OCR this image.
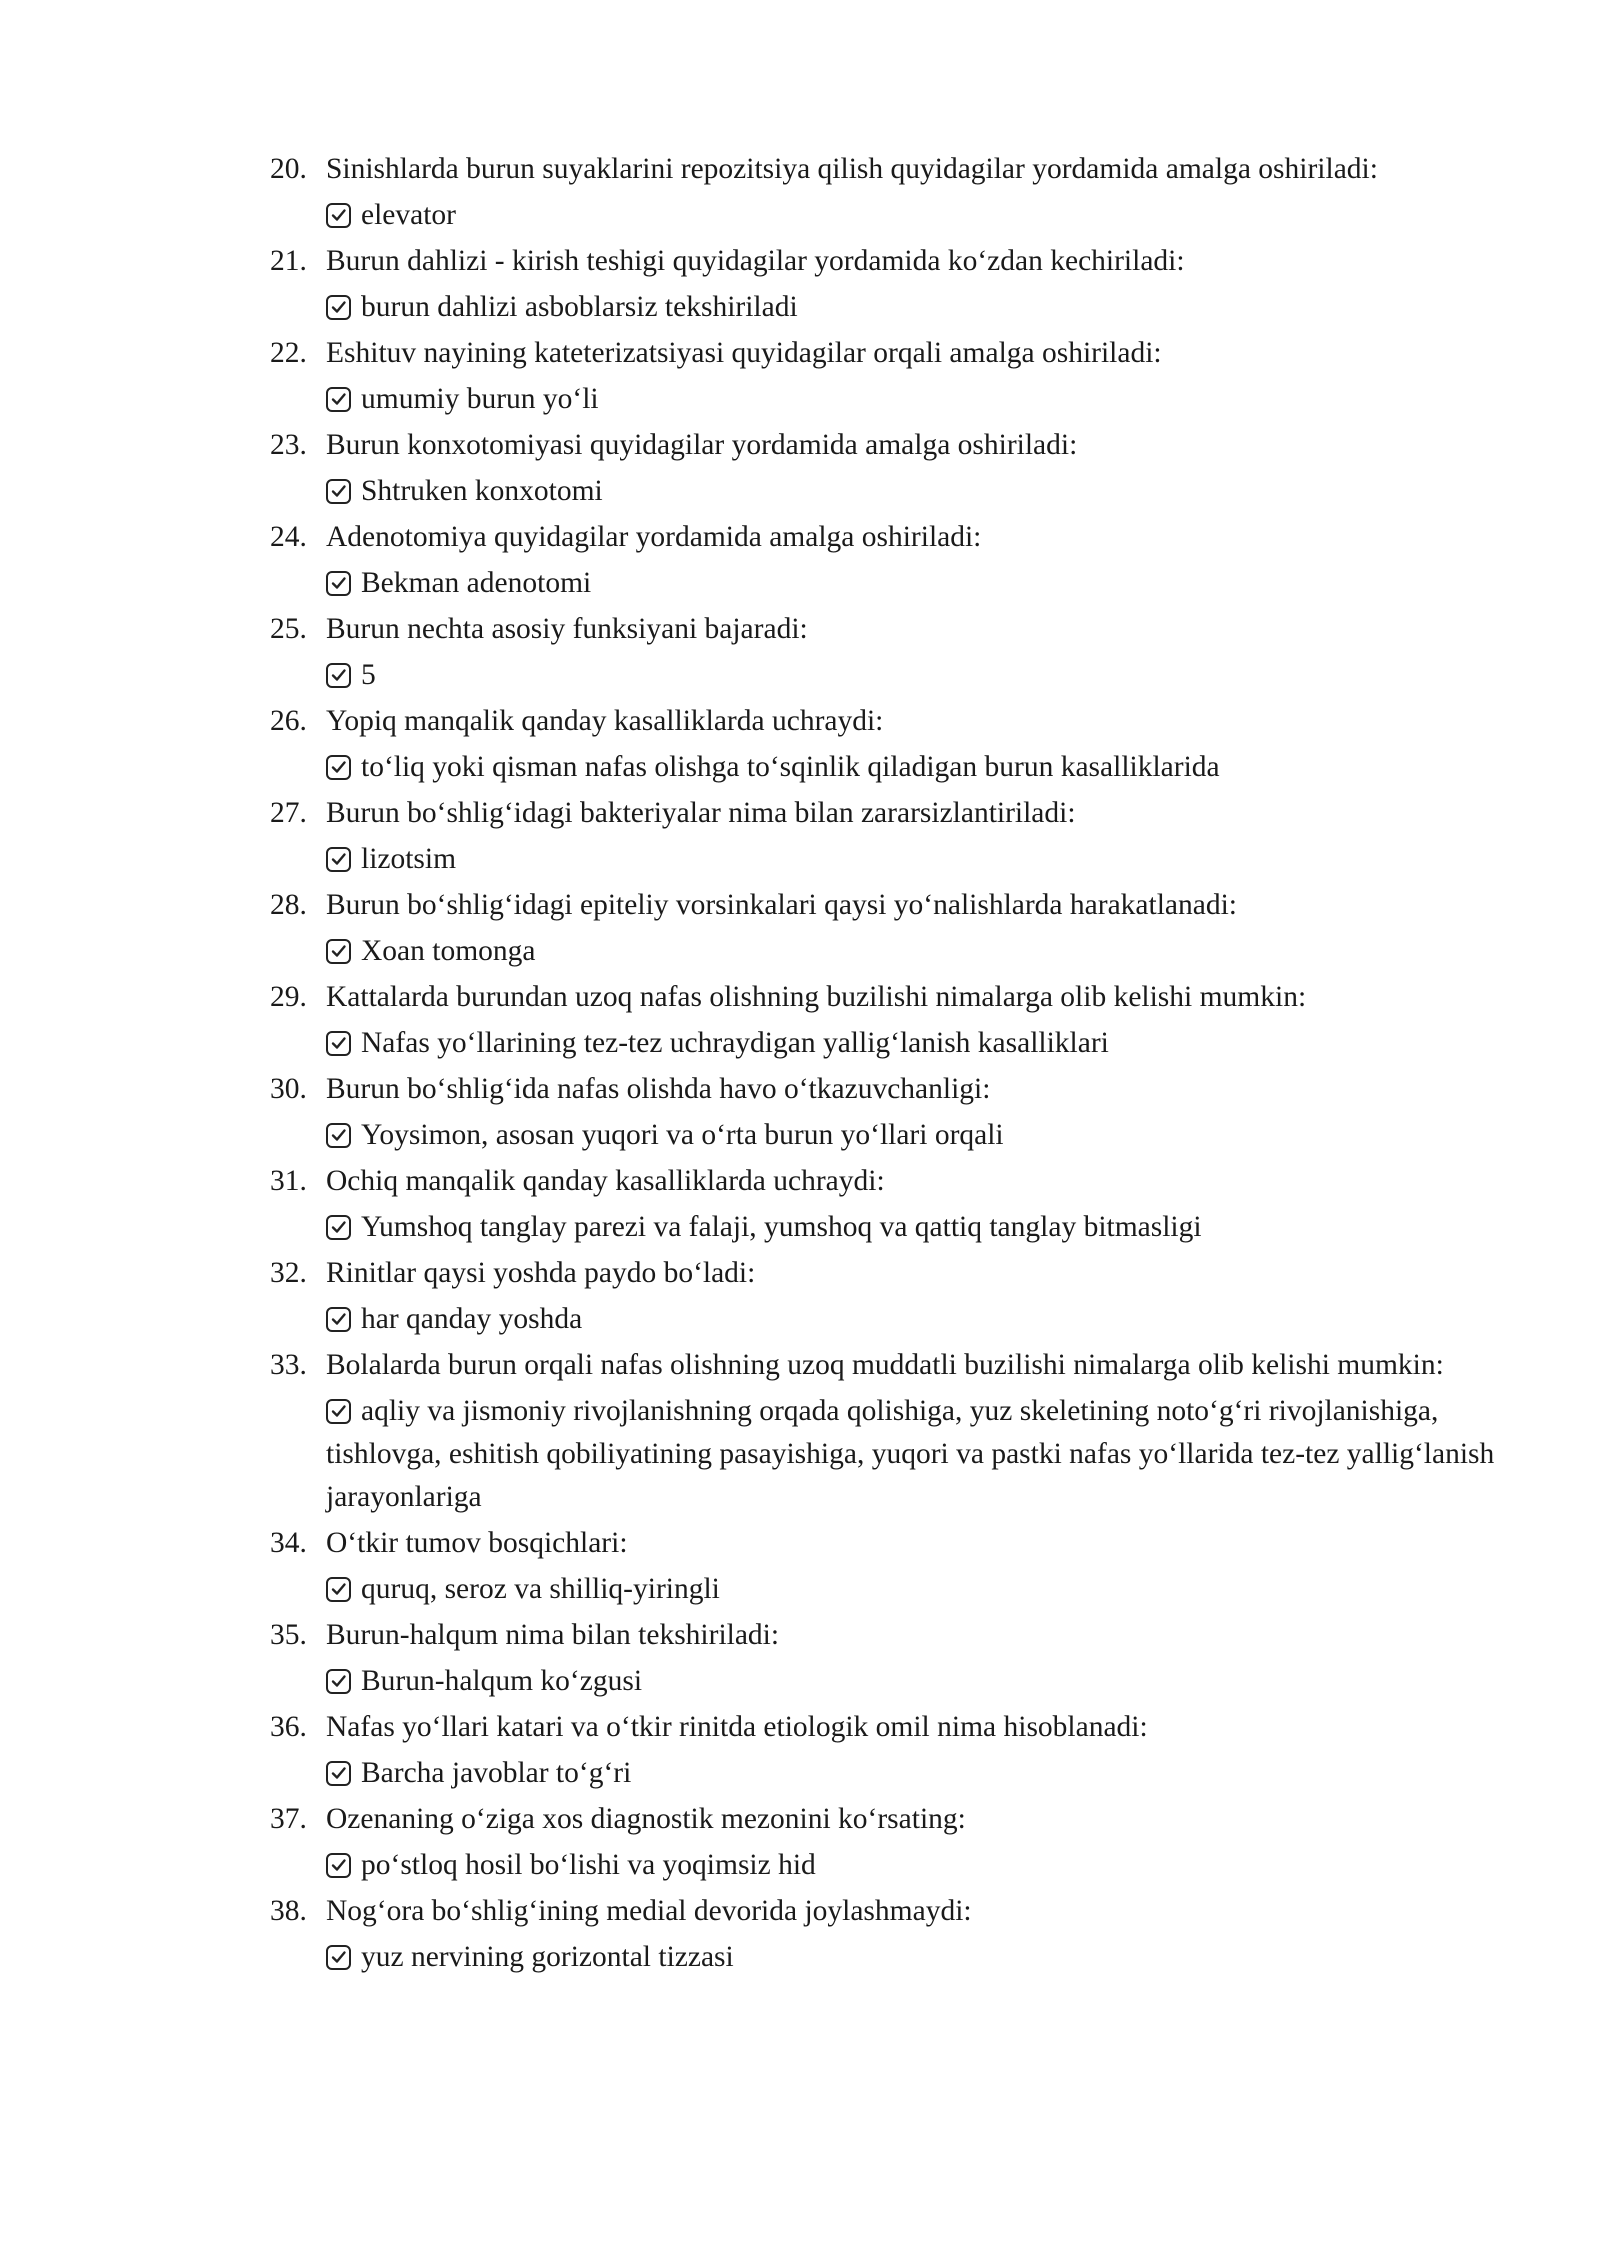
20. Sinishlarda burun suyaklarini repozitsiya qilish quyidagilar yordamida amalga oshiriladi:
elevator
21. Burun dahlizi - kirish teshigi quyidagilar yordamida ko‘zdan kechiriladi:
burun dahlizi asboblarsiz tekshiriladi
22. Eshituv nayining kateterizatsiyasi quyidagilar orqali amalga oshiriladi:
umumiy burun yo‘li
23. Burun konxotomiyasi quyidagilar yordamida amalga oshiriladi:
Shtruken konxotomi
24. Adenotomiya quyidagilar yordamida amalga oshiriladi:
Bekman adenotomi
25. Burun nechta asosiy funksiyani bajaradi:
5
26. Yopiq manqalik qanday kasalliklarda uchraydi:
to‘liq yoki qisman nafas olishga to‘sqinlik qiladigan burun kasalliklarida
27. Burun bo‘shlig‘idagi bakteriyalar nima bilan zararsizlantiriladi:
lizotsim
28. Burun bo‘shlig‘idagi epiteliy vorsinkalari qaysi yo‘nalishlarda harakatlanadi:
Xoan tomonga
29. Kattalarda burundan uzoq nafas olishning buzilishi nimalarga olib kelishi mumkin:
Nafas yo‘llarining tez-tez uchraydigan yallig‘lanish kasalliklari
30. Burun bo‘shlig‘ida nafas olishda havo o‘tkazuvchanligi:
Yoysimon, asosan yuqori va o‘rta burun yo‘llari orqali
31. Ochiq manqalik qanday kasalliklarda uchraydi:
Yumshoq tanglay parezi va falaji, yumshoq va qattiq tanglay bitmasligi
32. Rinitlar qaysi yoshda paydo bo‘ladi:
har qanday yoshda
33. Bolalarda burun orqali nafas olishning uzoq muddatli buzilishi nimalarga olib kelishi mumkin:
aqliy va jismoniy rivojlanishning orqada qolishiga, yuz skeletining noto‘g‘ri rivojlanishiga, tishlovga, eshitish qobiliyatining pasayishiga, yuqori va pastki nafas yo‘llarida tez-tez yallig‘lanish jarayonlariga
34. O‘tkir tumov bosqichlari:
quruq, seroz va shilliq-yiringli
35. Burun-halqum nima bilan tekshiriladi:
Burun-halqum ko‘zgusi
36. Nafas yo‘llari katari va o‘tkir rinitda etiologik omil nima hisoblanadi:
Barcha javoblar to‘g‘ri
37. Ozenaning o‘ziga xos diagnostik mezonini ko‘rsating:
po‘stloq hosil bo‘lishi va yoqimsiz hid
38. Nog‘ora bo‘shlig‘ining medial devorida joylashmaydi:
yuz nervining gorizontal tizzasi
